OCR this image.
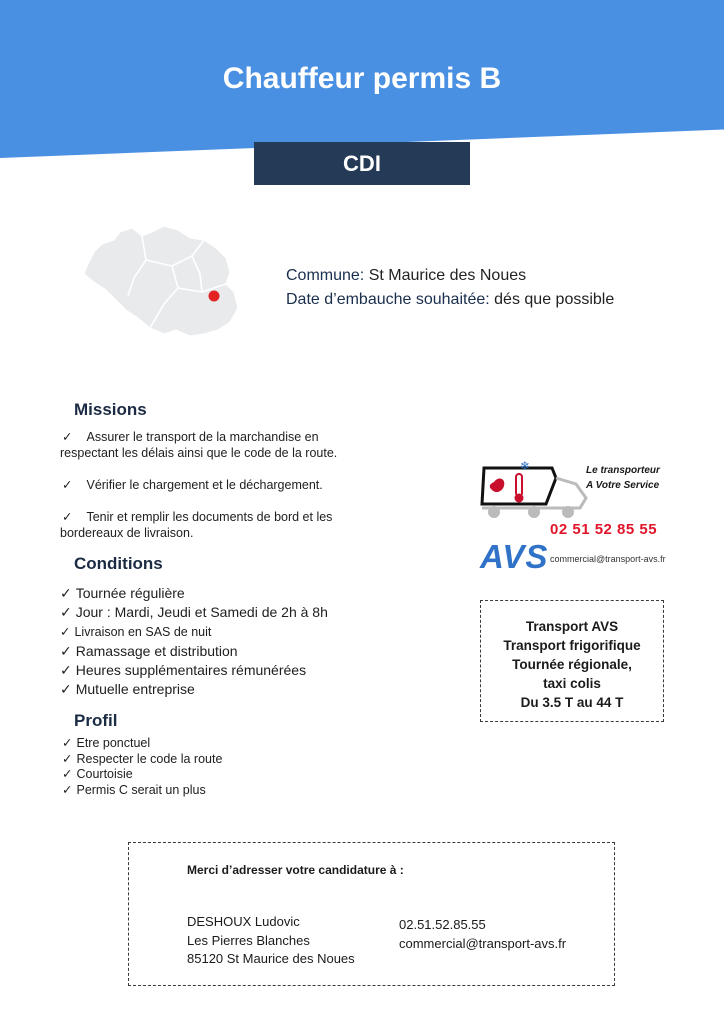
Chauffeur permis B
CDI
Commune: St Maurice des Noues
Date d’embauche souhaitée: dés que possible
Missions
✓ Assurer le transport de la marchandise en respectant les délais ainsi que le code de la route.
✓ Vérifier le chargement et le déchargement.
✓ Tenir et remplir les documents de bord et les bordereaux de livraison.
Conditions
✓ Tournée régulière
✓ Jour : Mardi, Jeudi et Samedi de 2h à 8h
✓ Livraison en SAS de nuit
✓ Ramassage et distribution
✓ Heures supplémentaires rémunérées
✓ Mutuelle entreprise
Profil
✓ Etre ponctuel
✓ Respecter le code la route
✓ Courtoisie
✓ Permis C serait un plus
❄	Le transporteur
A Votre Service
02 51 52 85 55
AVS commercial@transport-avs.fr

Transport AVS

Transport frigorifique

Tournée régionale,

taxi colis

Du 3.5 T au 44 T

Merci d’adresser votre candidature à :
DESHOUX Ludovic
Les Pierres Blanches
85120 St Maurice des Noues
02.51.52.85.55
commercial@transport-avs.fr
